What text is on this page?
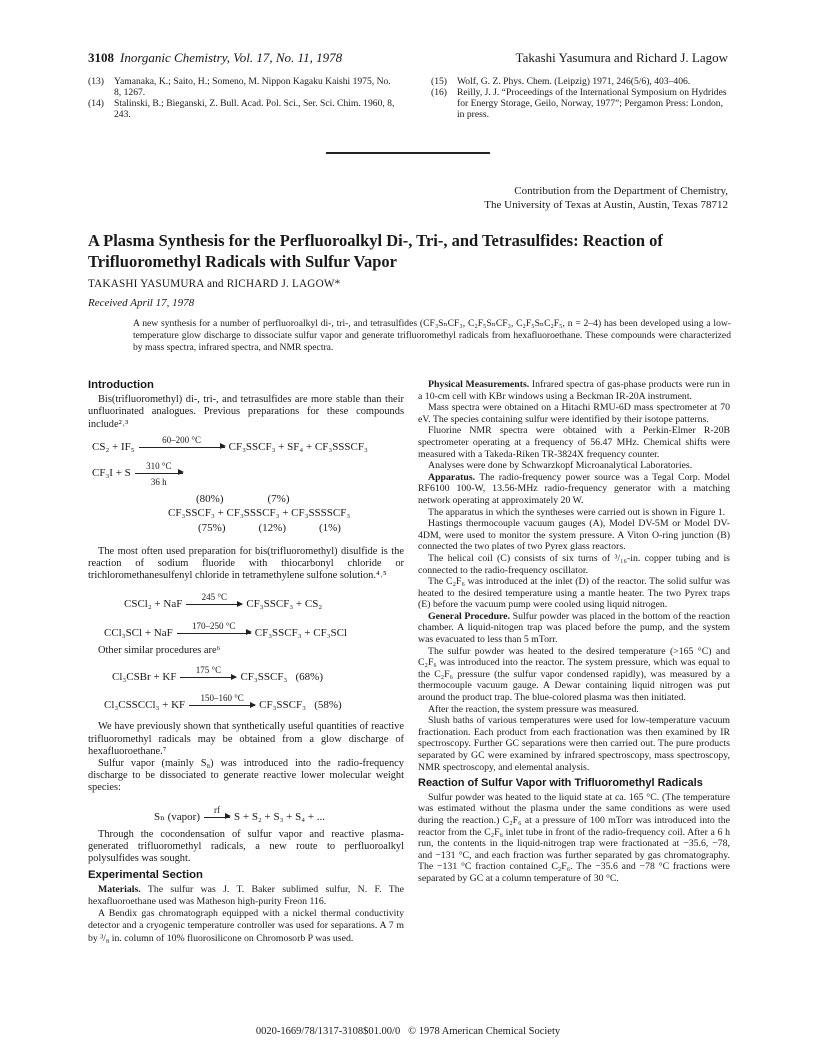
3108 Inorganic Chemistry, Vol. 17, No. 11, 1978	Takashi Yasumura and Richard J. Lagow
(13)	Yamanaka, K.; Saito, H.; Someno, M. Nippon Kagaku Kaishi 1975, No. 8, 1267.
(14)	Stalinski, B.; Bieganski, Z. Bull. Acad. Pol. Sci., Ser. Sci. Chim. 1960, 8, 243.
(15)	Wolf, G. Z. Phys. Chem. (Leipzig) 1971, 246(5/6), 403–406.
(16)	Reilly, J. J. “Proceedings of the International Symposium on Hydrides for Energy Storage, Geilo, Norway, 1977”; Pergamon Press: London, in press.
Contribution from the Department of Chemistry,
The University of Texas at Austin, Austin, Texas 78712
A Plasma Synthesis for the Perfluoroalkyl Di-, Tri-, and Tetrasulfides: Reaction of Trifluoromethyl Radicals with Sulfur Vapor
TAKASHI YASUMURA and RICHARD J. LAGOW*
Received April 17, 1978
A new synthesis for a number of perfluoroalkyl di-, tri-, and tetrasulfides (CF₃SₙCF₃, C₂F₅SₙCF₃, C₂F₅SₙC₂F₅, n = 2–4) has been developed using a low-temperature glow discharge to dissociate sulfur vapor and generate trifluoromethyl radicals from hexafluoroethane. These compounds were characterized by mass spectra, infrared spectra, and NMR spectra.
Introduction

Bis(trifluoromethyl) di-, tri-, and tetrasulfides are more stable than their unfluorinated analogues. Previous preparations for these compounds include²˒³

CS₂ + IF₅
60–200 °C
CF₃SSCF₃ + SF₄ + CF₃SSSCF₃
CF₃I + S
310 °C
36 h
(80%)                (7%)
CF₃SSCF₃ + CF₃SSSCF₃ + CF₃SSSSCF₃
(75%)            (12%)            (1%)

The most often used preparation for bis(trifluoromethyl) disulfide is the reaction of sodium fluoride with thiocarbonyl chloride or trichloromethanesulfenyl chloride in tetramethylene sulfone solution.⁴˒⁵

CSCl₂ + NaF
245 °C
CF₃SSCF₃ + CS₂
CCl₃SCl + NaF
170–250 °C
CF₃SSCF₃ + CF₃SCl

Other similar procedures are⁶

Cl₃CSBr + KF
175 °C
CF₃SSCF₃   (68%)
Cl₃CSSCCl₃ + KF
150–160 °C
CF₃SSCF₃   (58%)

We have previously shown that synthetically useful quantities of reactive trifluoromethyl radicals may be obtained from a glow discharge of hexafluoroethane.⁷

Sulfur vapor (mainly S₈) was introduced into the radio-frequency discharge to be dissociated to generate reactive lower molecular weight species:

Sₙ (vapor)
rf
S + S₂ + S₃ + S₄ + ...

Through the cocondensation of sulfur vapor and reactive plasma-generated trifluoromethyl radicals, a new route to perfluoroalkyl polysulfides was sought.

Experimental Section

Materials. The sulfur was J. T. Baker sublimed sulfur, N. F. The hexafluoroethane used was Matheson high-purity Freon 116.

A Bendix gas chromatograph equipped with a nickel thermal conductivity detector and a cryogenic temperature controller was used for separations. A 7 m by ³/₈ in. column of 10% fluorosilicone on Chromosorb P was used.

Physical Measurements. Infrared spectra of gas-phase products were run in a 10-cm cell with KBr windows using a Beckman IR-20A instrument.

Mass spectra were obtained on a Hitachi RMU-6D mass spectrometer at 70 eV. The species containing sulfur were identified by their isotope patterns.

Fluorine NMR spectra were obtained with a Perkin-Elmer R-20B spectrometer operating at a frequency of 56.47 MHz. Chemical shifts were measured with a Takeda-Riken TR-3824X frequency counter.

Analyses were done by Schwarzkopf Microanalytical Laboratories.

Apparatus. The radio-frequency power source was a Tegal Corp. Model RF6100 100-W, 13.56-MHz radio-frequency generator with a matching network operating at approximately 20 W.

The apparatus in which the syntheses were carried out is shown in Figure 1.

Hastings thermocouple vacuum gauges (A), Model DV-5M or Model DV-4DM, were used to monitor the system pressure. A Viton O-ring junction (B) connected the two plates of two Pyrex glass reactors.

The helical coil (C) consists of six turns of ³/₁₆-in. copper tubing and is connected to the radio-frequency oscillator.

The C₂F₆ was introduced at the inlet (D) of the reactor. The solid sulfur was heated to the desired temperature using a mantle heater. The two Pyrex traps (E) before the vacuum pump were cooled using liquid nitrogen.

General Procedure. Sulfur powder was placed in the bottom of the reaction chamber. A liquid-nitogen trap was placed before the pump, and the system was evacuated to less than 5 mTorr.

The sulfur powder was heated to the desired temperature (>165 °C) and C₂F₆ was introduced into the reactor. The system pressure, which was equal to the C₂F₆ pressure (the sulfur vapor condensed rapidly), was measured by a thermocouple vacuum gauge. A Dewar containing liquid nitrogen was put around the product trap. The blue-colored plasma was then initiated.

After the reaction, the system pressure was measured.

Slush baths of various temperatures were used for low-temperature vacuum fractionation. Each product from each fractionation was then examined by IR spectroscopy. Further GC separations were then carried out. The pure products separated by GC were examined by infrared spectroscopy, mass spectroscopy, NMR spectroscopy, and elemental analysis.

Reaction of Sulfur Vapor with Trifluoromethyl Radicals

Sulfur powder was heated to the liquid state at ca. 165 °C. (The temperature was estimated without the plasma under the same conditions as were used during the reaction.) C₂F₆ at a pressure of 100 mTorr was introduced into the reactor from the C₂F₆ inlet tube in front of the radio-frequency coil. After a 6 h run, the contents in the liquid-nitrogen trap were fractionated at −35.6, −78, and −131 °C, and each fraction was further separated by gas chromatography. The −131 °C fraction contained C₂F₆. The −35.6 and −78 °C fractions were separated by GC at a column temperature of 30 °C.

0020-1669/78/1317-3108$01.00/0   © 1978 American Chemical Society
